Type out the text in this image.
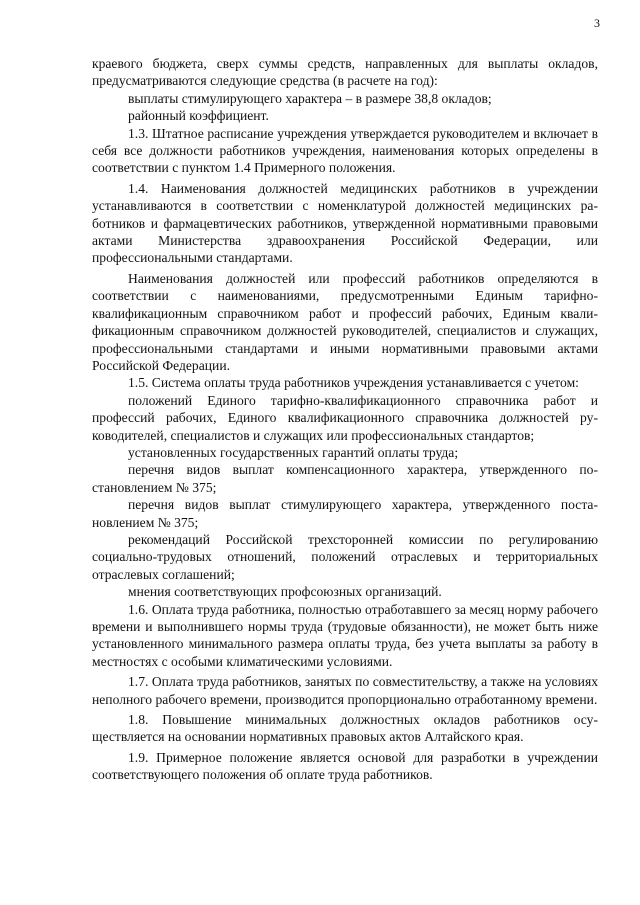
3

краевого бюджета, сверх суммы средств, направленных для выплаты окладов, предусматриваются следующие средства (в расчете на год):

выплаты стимулирующего характера – в размере 38,8 окладов;

районный коэффициент.

1.3. Штатное расписание учреждения утверждается руководителем и включает в себя все должности работников учреждения, наименования которых определены в соответствии с пунктом 1.4 Примерного положения.

1.4. Наименования должностей медицинских работников в учреждении устанавливаются в соответствии с номенклатурой должностей медицинских работников и фармацевтических работников, утвержденной нормативными правовыми актами Министерства здравоохранения Российской Федерации, или профессиональными стандартами.

Наименования должностей или профессий работников определяются в соответствии с наименованиями, предусмотренными Единым тарифно-квалификационным справочником работ и профессий рабочих, Единым квалификационным справочником должностей руководителей, специалистов и служащих, профессиональными стандартами и иными нормативными правовыми актами Российской Федерации.

1.5. Система оплаты труда работников учреждения устанавливается с учетом:

положений Единого тарифно-квалификационного справочника работ и профессий рабочих, Единого квалификационного справочника должностей руководителей, специалистов и служащих или профессиональных стандартов;

установленных государственных гарантий оплаты труда;

перечня видов выплат компенсационного характера, утвержденного постановлением № 375;

перечня видов выплат стимулирующего характера, утвержденного постановлением № 375;

рекомендаций Российской трехсторонней комиссии по регулированию социально-трудовых отношений, положений отраслевых и территориальных отраслевых соглашений;

мнения соответствующих профсоюзных организаций.

1.6. Оплата труда работника, полностью отработавшего за месяц норму рабочего времени и выполнившего нормы труда (трудовые обязанности), не может быть ниже установленного минимального размера оплаты труда, без учета выплаты за работу в местностях с особыми климатическими условиями.

1.7. Оплата труда работников, занятых по совместительству, а также на условиях неполного рабочего времени, производится пропорционально отработанному времени.

1.8. Повышение минимальных должностных окладов работников осуществляется на основании нормативных правовых актов Алтайского края.

1.9. Примерное положение является основой для разработки в учреждении соответствующего положения об оплате труда работников.
